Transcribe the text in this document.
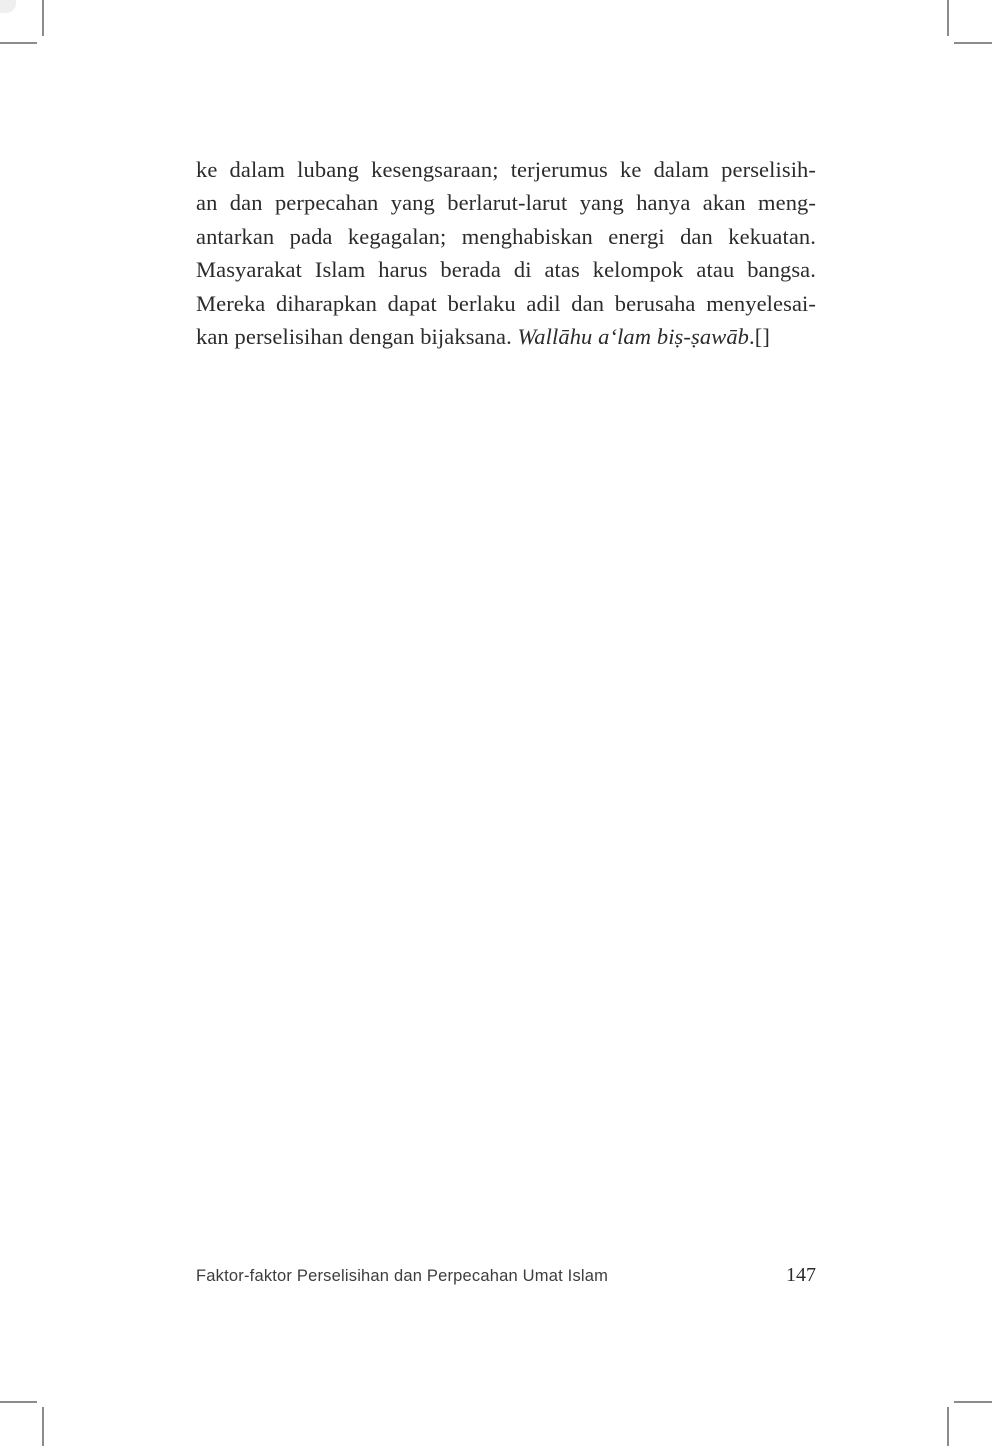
ke dalam lubang kesengsaraan; terjerumus ke dalam perselisih-
an dan perpecahan yang berlarut-larut yang hanya akan meng-
antarkan pada kegagalan; menghabiskan energi dan kekuatan.
Masyarakat Islam harus berada di atas kelompok atau bangsa.
Mereka diharapkan dapat berlaku adil dan berusaha menyelesai-
kan perselisihan dengan bijaksana. Wallāhu aʻlam biṣ-ṣawāb.[]
Faktor-faktor Perselisihan dan Perpecahan Umat Islam	147
